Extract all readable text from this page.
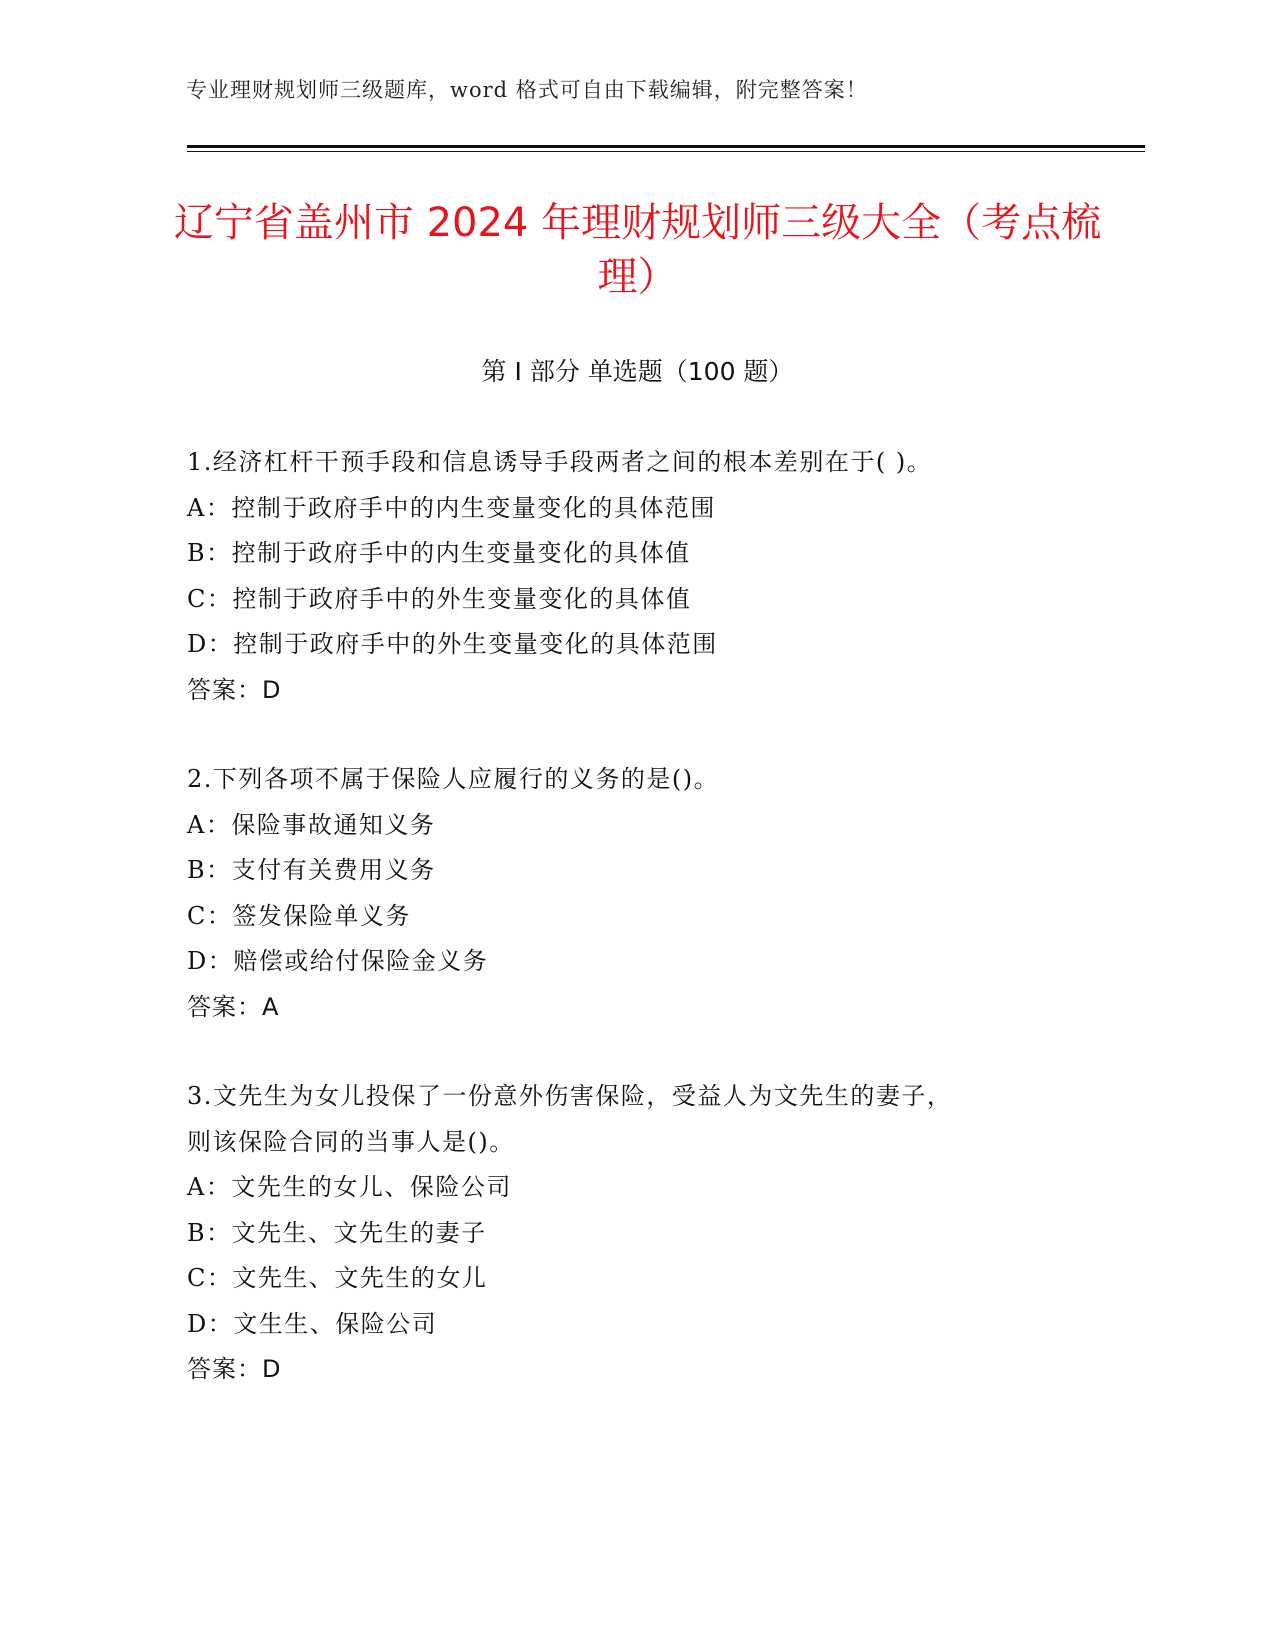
专业理财规划师三级题库，word 格式可自由下载编辑，附完整答案！
辽宁省盖州市 2024 年理财规划师三级大全（考点梳理）
第 I 部分 单选题（100 题）
1.经济杠杆干预手段和信息诱导手段两者之间的根本差别在于( )。
A：控制于政府手中的内生变量变化的具体范围
B：控制于政府手中的内生变量变化的具体值
C：控制于政府手中的外生变量变化的具体值
D：控制于政府手中的外生变量变化的具体范围
答案：D
2.下列各项不属于保险人应履行的义务的是()。
A：保险事故通知义务
B：支付有关费用义务
C：签发保险单义务
D：赔偿或给付保险金义务
答案：A
3.文先生为女儿投保了一份意外伤害保险，受益人为文先生的妻子，
则该保险合同的当事人是()。
A：文先生的女儿、保险公司
B：文先生、文先生的妻子
C：文先生、文先生的女儿
D：文生生、保险公司
答案：D
